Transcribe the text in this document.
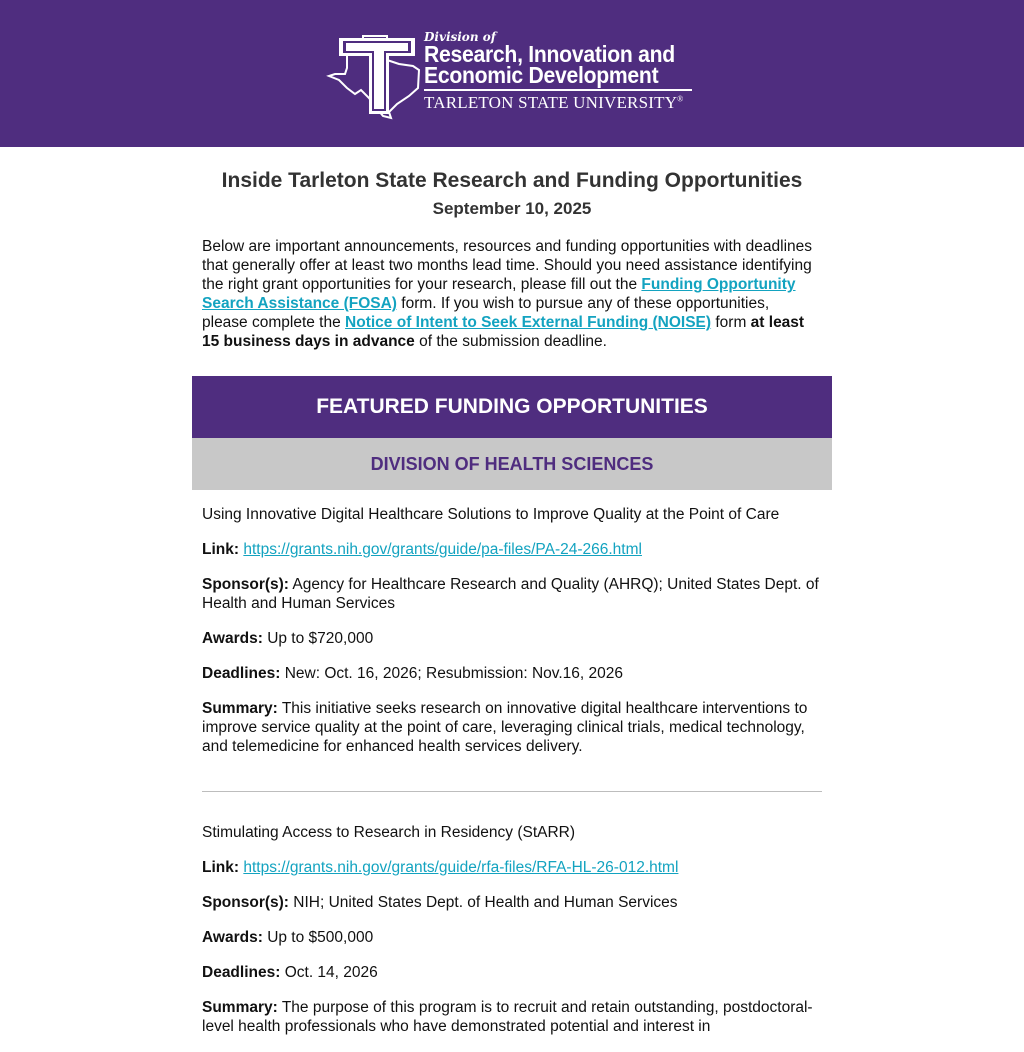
Division of
Research, Innovation and
Economic Development
TARLETON STATE UNIVERSITY®
Inside Tarleton State Research and Funding Opportunities
September 10, 2025
Below are important announcements, resources and funding opportunities with deadlines that generally offer at least two months lead time. Should you need assistance identifying the right grant opportunities for your research, please fill out the Funding Opportunity Search Assistance (FOSA) form. If you wish to pursue any of these opportunities, please complete the Notice of Intent to Seek External Funding (NOISE) form at least 15 business days in advance of the submission deadline.
FEATURED FUNDING OPPORTUNITIES
DIVISION OF HEALTH SCIENCES

Using Innovative Digital Healthcare Solutions to Improve Quality at the Point of Care

Link: https://grants.nih.gov/grants/guide/pa-files/PA-24-266.html

Sponsor(s): Agency for Healthcare Research and Quality (AHRQ); United States Dept. of Health and Human Services

Awards: Up to $720,000

Deadlines: New: Oct. 16, 2026; Resubmission: Nov.16, 2026

Summary: This initiative seeks research on innovative digital healthcare interventions to improve service quality at the point of care, leveraging clinical trials, medical technology, and telemedicine for enhanced health services delivery.

Stimulating Access to Research in Residency (StARR)

Link: https://grants.nih.gov/grants/guide/rfa-files/RFA-HL-26-012.html

Sponsor(s): NIH; United States Dept. of Health and Human Services

Awards: Up to $500,000

Deadlines: Oct. 14, 2026

Summary: The purpose of this program is to recruit and retain outstanding, postdoctoral-level health professionals who have demonstrated potential and interest in
